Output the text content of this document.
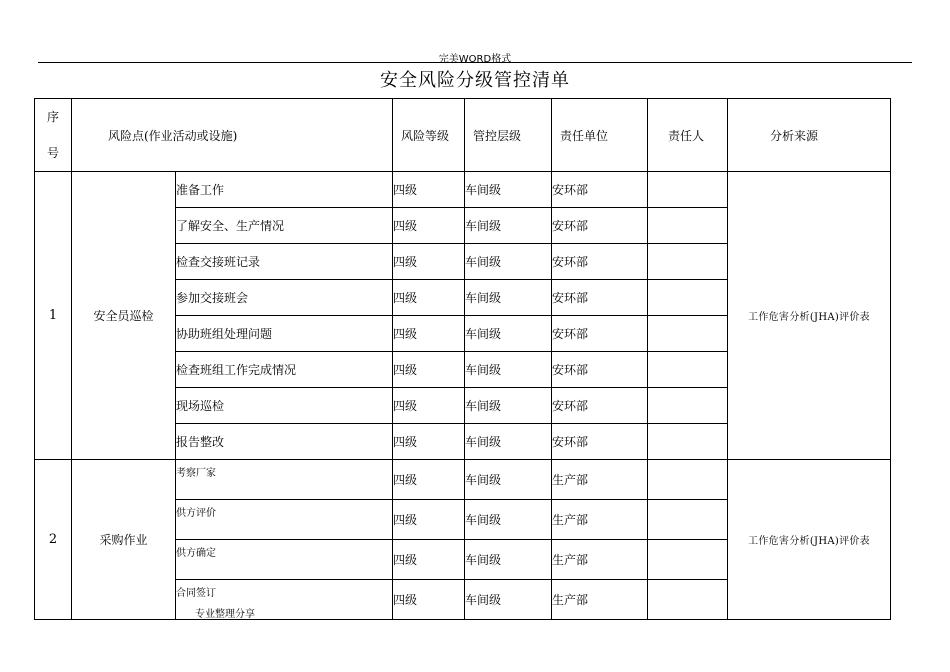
完美WORD格式
安全风险分级管控清单
序
号	风险点(作业活动或设施)		风险等级	管控层级	责任单位	责任人	分析来源
1	安全员巡检	准备工作	四级	车间级	安环部		工作危害分析(JHA)评价表
		了解安全、生产情况	四级	车间级	安环部		
		检查交接班记录	四级	车间级	安环部		
		参加交接班会	四级	车间级	安环部		
		协助班组处理问题	四级	车间级	安环部		
		检查班组工作完成情况	四级	车间级	安环部		
		现场巡检	四级	车间级	安环部		
		报告整改	四级	车间级	安环部		
2	采购作业	考察厂家	四级	车间级	生产部		工作危害分析(JHA)评价表
		供方评价	四级	车间级	生产部		
		供方确定	四级	车间级	生产部		
		合同签订	四级	车间级	生产部		
专业整理分享
